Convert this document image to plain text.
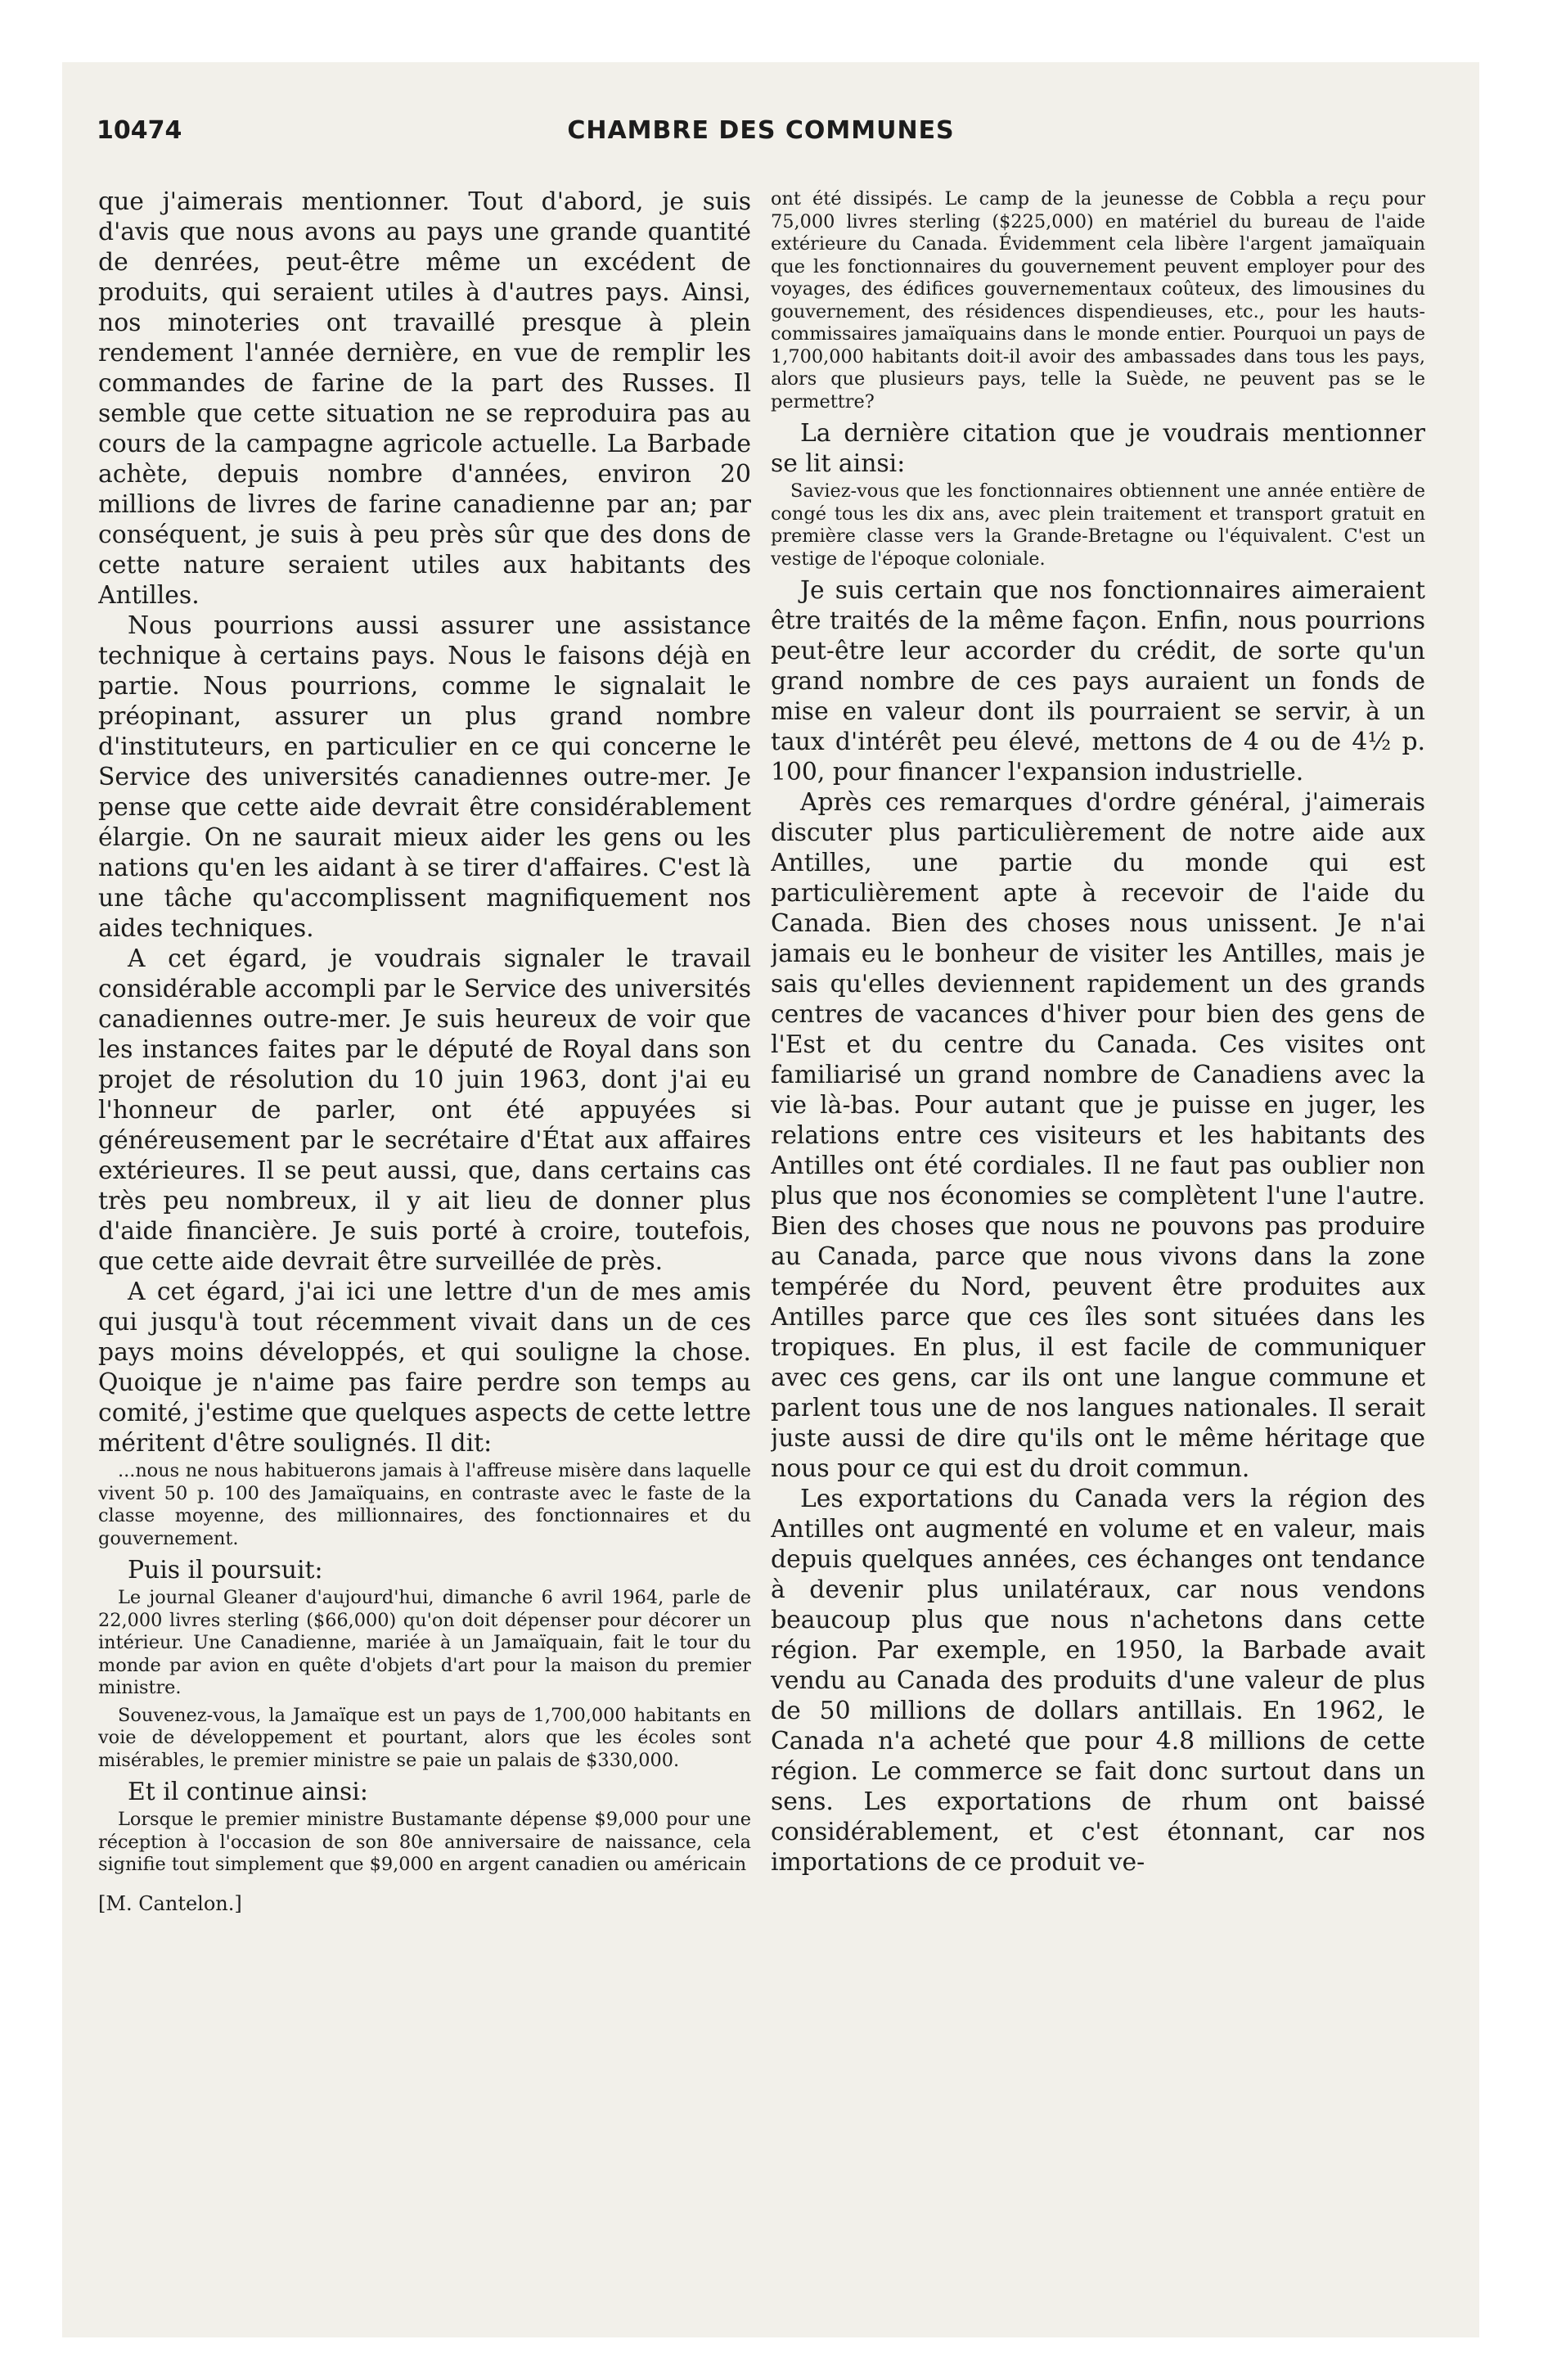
10474	CHAMBRE DES COMMUNES

que j'aimerais mentionner. Tout d'abord, je suis d'avis que nous avons au pays une grande quantité de denrées, peut-être même un excédent de produits, qui seraient utiles à d'autres pays. Ainsi, nos minoteries ont travaillé presque à plein rendement l'année dernière, en vue de remplir les commandes de farine de la part des Russes. Il semble que cette situation ne se reproduira pas au cours de la campagne agricole actuelle. La Barbade achète, depuis nombre d'années, environ 20 millions de livres de farine canadienne par an; par conséquent, je suis à peu près sûr que des dons de cette nature seraient utiles aux habitants des Antilles.

Nous pourrions aussi assurer une assistance technique à certains pays. Nous le faisons déjà en partie. Nous pourrions, comme le signalait le préopinant, assurer un plus grand nombre d'instituteurs, en particulier en ce qui concerne le Service des universités canadiennes outre-mer. Je pense que cette aide devrait être considérablement élargie. On ne saurait mieux aider les gens ou les nations qu'en les aidant à se tirer d'affaires. C'est là une tâche qu'accomplissent magnifiquement nos aides techniques.

A cet égard, je voudrais signaler le travail considérable accompli par le Service des universités canadiennes outre-mer. Je suis heureux de voir que les instances faites par le député de Royal dans son projet de résolution du 10 juin 1963, dont j'ai eu l'honneur de parler, ont été appuyées si généreusement par le secrétaire d'État aux affaires extérieures. Il se peut aussi, que, dans certains cas très peu nombreux, il y ait lieu de donner plus d'aide financière. Je suis porté à croire, toutefois, que cette aide devrait être surveillée de près.

A cet égard, j'ai ici une lettre d'un de mes amis qui jusqu'à tout récemment vivait dans un de ces pays moins développés, et qui souligne la chose. Quoique je n'aime pas faire perdre son temps au comité, j'estime que quelques aspects de cette lettre méritent d'être soulignés. Il dit:

...nous ne nous habituerons jamais à l'affreuse misère dans laquelle vivent 50 p. 100 des Jamaïquains, en contraste avec le faste de la classe moyenne, des millionnaires, des fonctionnaires et du gouvernement.

Puis il poursuit:

Le journal Gleaner d'aujourd'hui, dimanche 6 avril 1964, parle de 22,000 livres sterling ($66,000) qu'on doit dépenser pour décorer un intérieur. Une Canadienne, mariée à un Jamaïquain, fait le tour du monde par avion en quête d'objets d'art pour la maison du premier ministre.

Souvenez-vous, la Jamaïque est un pays de 1,700,000 habitants en voie de développement et pourtant, alors que les écoles sont misérables, le premier ministre se paie un palais de $330,000.

Et il continue ainsi:

Lorsque le premier ministre Bustamante dépense $9,000 pour une réception à l'occasion de son 80e anniversaire de naissance, cela signifie tout simplement que $9,000 en argent canadien ou américain

[M. Cantelon.]

ont été dissipés. Le camp de la jeunesse de Cobbla a reçu pour 75,000 livres sterling ($225,000) en matériel du bureau de l'aide extérieure du Canada. Évidemment cela libère l'argent jamaïquain que les fonctionnaires du gouvernement peuvent employer pour des voyages, des édifices gouvernementaux coûteux, des limousines du gouvernement, des résidences dispendieuses, etc., pour les hauts-commissaires jamaïquains dans le monde entier. Pourquoi un pays de 1,700,000 habitants doit-il avoir des ambassades dans tous les pays, alors que plusieurs pays, telle la Suède, ne peuvent pas se le permettre?

La dernière citation que je voudrais mentionner se lit ainsi:

Saviez-vous que les fonctionnaires obtiennent une année entière de congé tous les dix ans, avec plein traitement et transport gratuit en première classe vers la Grande-Bretagne ou l'équivalent. C'est un vestige de l'époque coloniale.

Je suis certain que nos fonctionnaires aimeraient être traités de la même façon. Enfin, nous pourrions peut-être leur accorder du crédit, de sorte qu'un grand nombre de ces pays auraient un fonds de mise en valeur dont ils pourraient se servir, à un taux d'intérêt peu élevé, mettons de 4 ou de 4½ p. 100, pour financer l'expansion industrielle.

Après ces remarques d'ordre général, j'aimerais discuter plus particulièrement de notre aide aux Antilles, une partie du monde qui est particulièrement apte à recevoir de l'aide du Canada. Bien des choses nous unissent. Je n'ai jamais eu le bonheur de visiter les Antilles, mais je sais qu'elles deviennent rapidement un des grands centres de vacances d'hiver pour bien des gens de l'Est et du centre du Canada. Ces visites ont familiarisé un grand nombre de Canadiens avec la vie là-bas. Pour autant que je puisse en juger, les relations entre ces visiteurs et les habitants des Antilles ont été cordiales. Il ne faut pas oublier non plus que nos économies se complètent l'une l'autre. Bien des choses que nous ne pouvons pas produire au Canada, parce que nous vivons dans la zone tempérée du Nord, peuvent être produites aux Antilles parce que ces îles sont situées dans les tropiques. En plus, il est facile de communiquer avec ces gens, car ils ont une langue commune et parlent tous une de nos langues nationales. Il serait juste aussi de dire qu'ils ont le même héritage que nous pour ce qui est du droit commun.

Les exportations du Canada vers la région des Antilles ont augmenté en volume et en valeur, mais depuis quelques années, ces échanges ont tendance à devenir plus unilatéraux, car nous vendons beaucoup plus que nous n'achetons dans cette région. Par exemple, en 1950, la Barbade avait vendu au Canada des produits d'une valeur de plus de 50 millions de dollars antillais. En 1962, le Canada n'a acheté que pour 4.8 millions de cette région. Le commerce se fait donc surtout dans un sens. Les exportations de rhum ont baissé considérablement, et c'est étonnant, car nos importations de ce produit ve-
